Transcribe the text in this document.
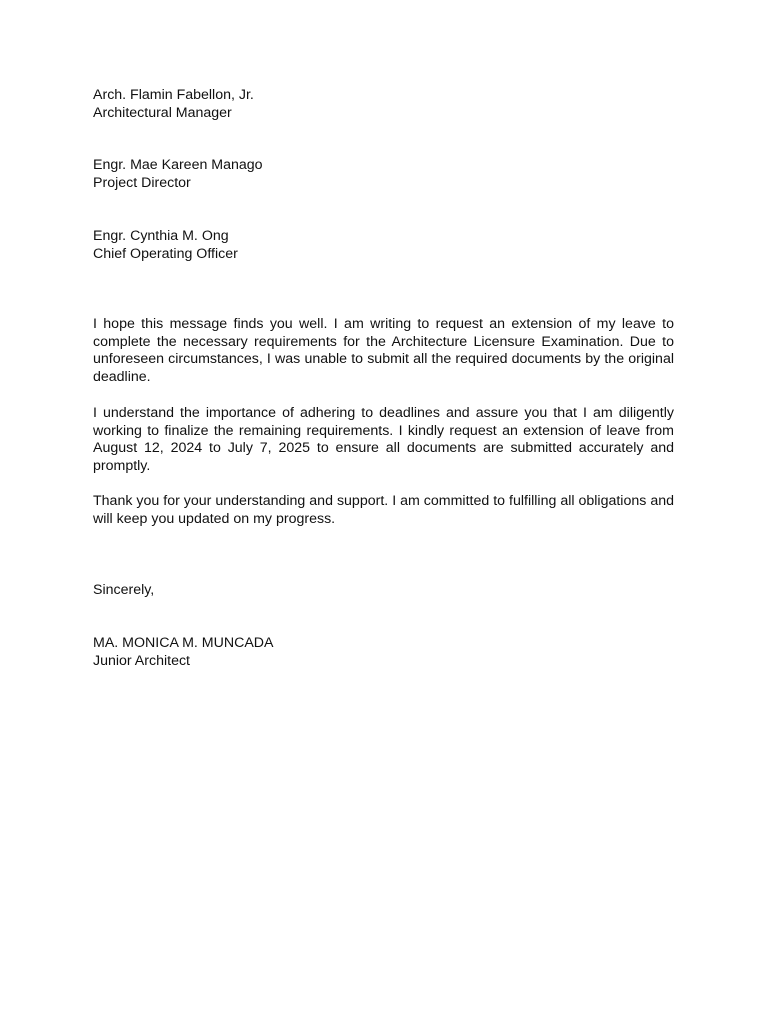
Arch. Flamin Fabellon, Jr.
Architectural Manager
Engr. Mae Kareen Manago
Project Director
Engr. Cynthia M. Ong
Chief Operating Officer

I hope this message finds you well. I am writing to request an extension of my leave to complete the necessary requirements for the Architecture Licensure Examination. Due to unforeseen circumstances, I was unable to submit all the required documents by the original deadline.

I understand the importance of adhering to deadlines and assure you that I am diligently working to finalize the remaining requirements. I kindly request an extension of leave from August 12, 2024 to July 7, 2025 to ensure all documents are submitted accurately and promptly.

Thank you for your understanding and support. I am committed to fulfilling all obligations and will keep you updated on my progress.

Sincerely,
MA. MONICA M. MUNCADA
Junior Architect
